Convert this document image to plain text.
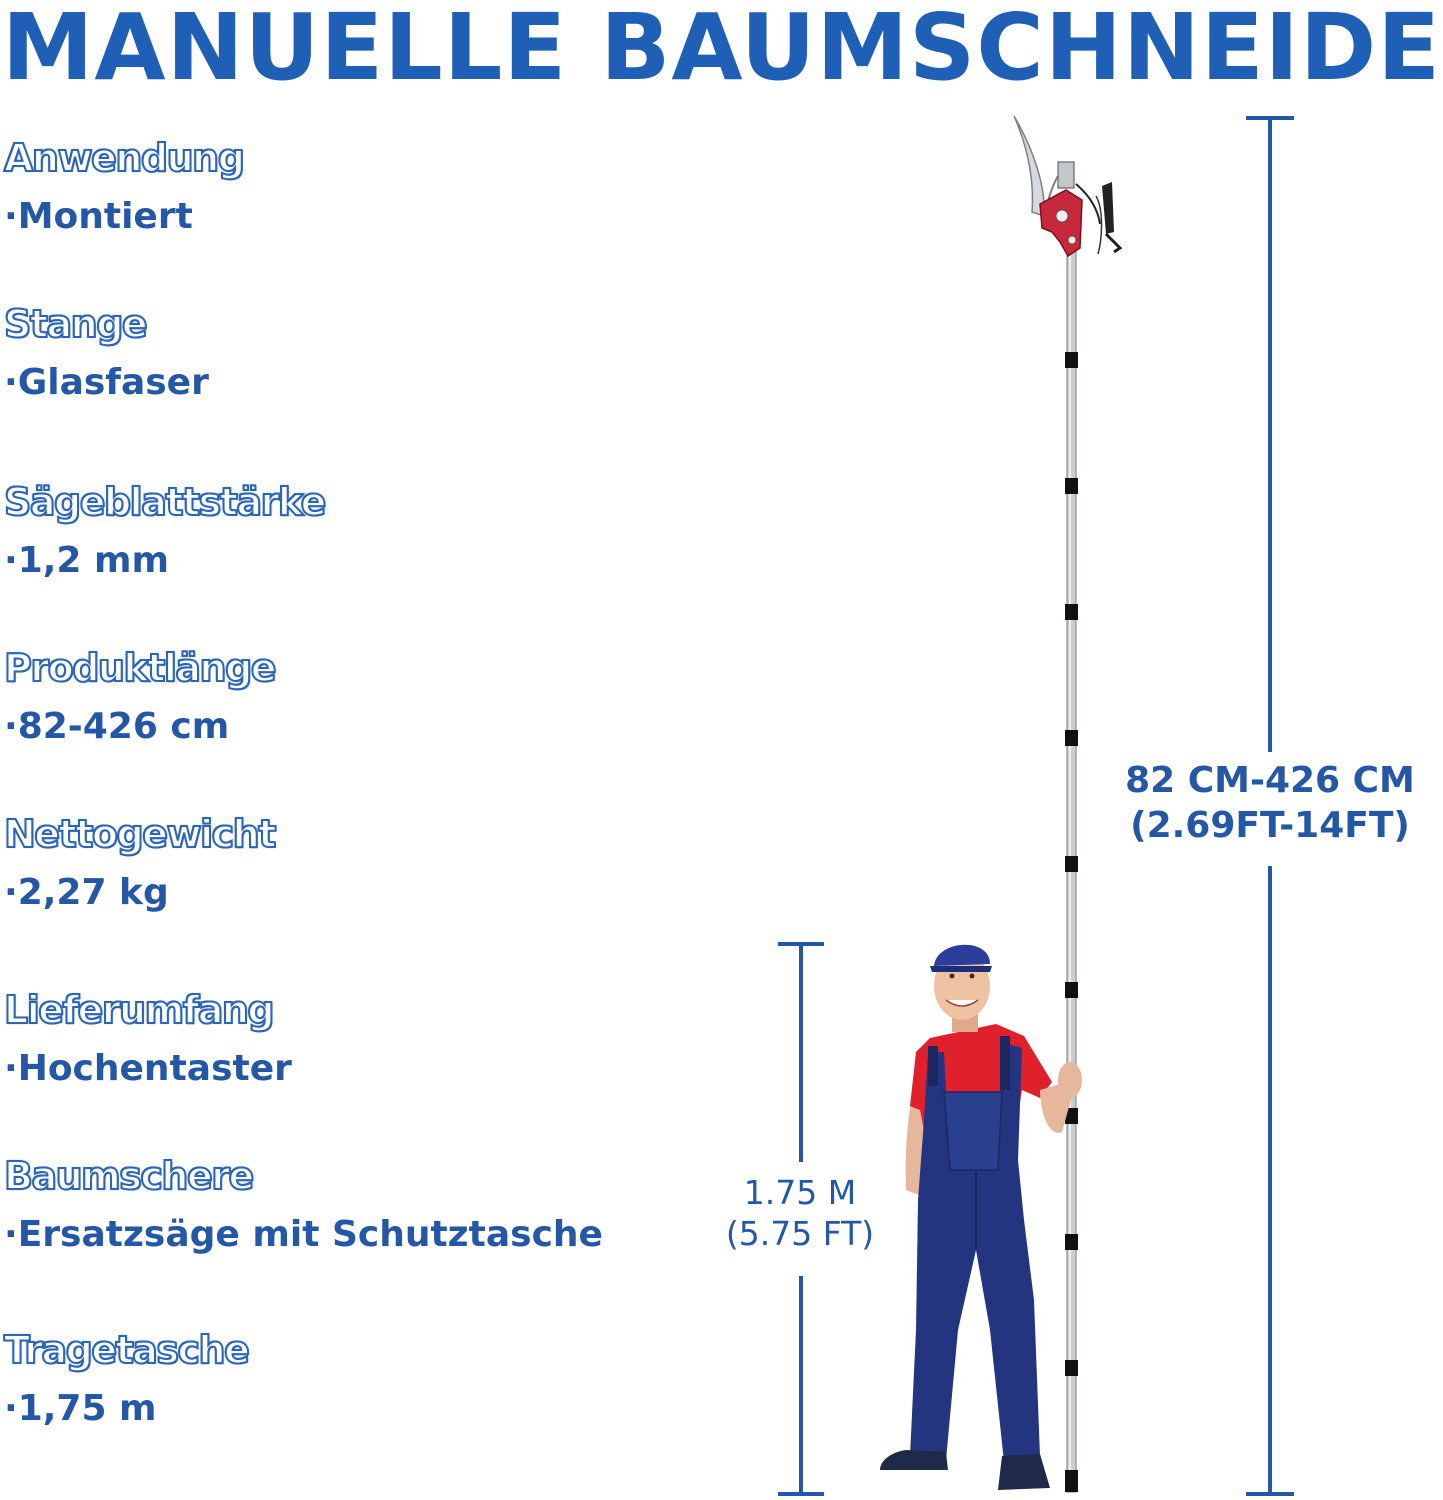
MANUELLE BAUMSCHNEIDE
Anwendung
· Montiert
Stange
· Glasfaser
Sägeblattstärke
· 1,2 mm
Produktlänge
· 82-426 cm
Nettogewicht
· 2,27 kg
Lieferumfang
· Hochentaster
Baumschere
· Ersatzsäge mit Schutztasche
Tragetasche
· 1,75 m
82 CM-426 CM
(2.69FT-14FT)
1.75 M
(5.75 FT)
